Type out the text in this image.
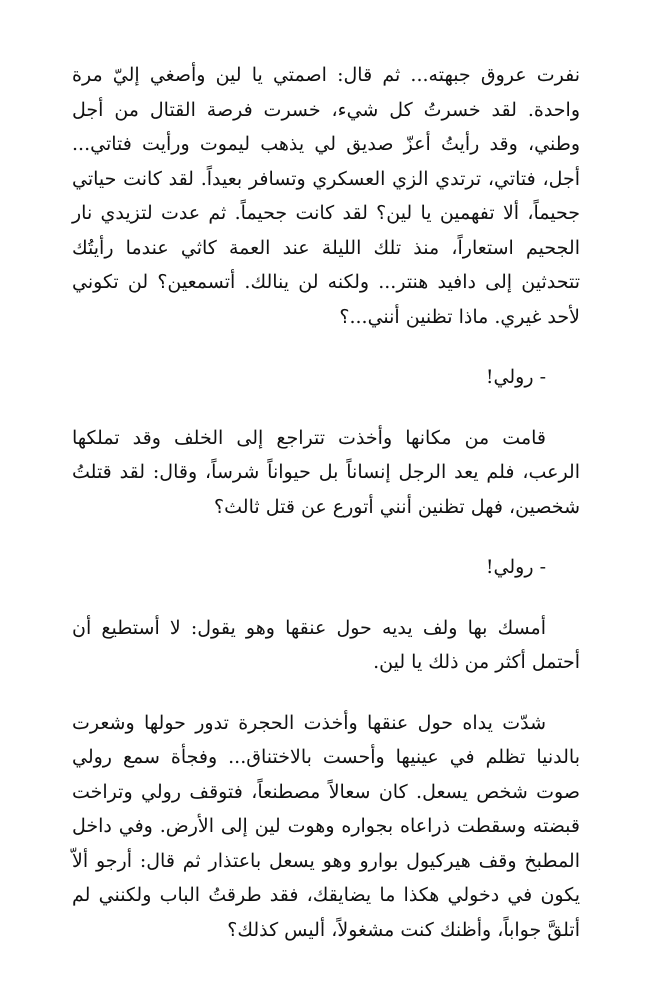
نفرت عروق جبهته... ثم قال: اصمتي يا لين وأصغي إليّ مرة واحدة. لقد خسرتُ كل شيء، خسرت فرصة القتال من أجل وطني، وقد رأيتُ أعزّ صديق لي يذهب ليموت ورأيت فتاتي... أجل، فتاتي، ترتدي الزي العسكري وتسافر بعيداً. لقد كانت حياتي جحيماً، ألا تفهمين يا لين؟ لقد كانت جحيماً. ثم عدت لتزيدي نار الجحيم استعاراً، منذ تلك الليلة عند العمة كاثي عندما رأيتُك تتحدثين إلى دافيد هنتر... ولكنه لن ينالك. أتسمعين؟ لن تكوني لأحد غيري. ماذا تظنين أنني...؟

- رولي!

قامت من مكانها وأخذت تتراجع إلى الخلف وقد تملكها الرعب، فلم يعد الرجل إنساناً بل حيواناً شرساً، وقال: لقد قتلتُ شخصين، فهل تظنين أنني أتورع عن قتل ثالث؟

- رولي!

أمسك بها ولف يديه حول عنقها وهو يقول: لا أستطيع أن أحتمل أكثر من ذلك يا لين.

شدّت يداه حول عنقها وأخذت الحجرة تدور حولها وشعرت بالدنيا تظلم في عينيها وأحست بالاختناق... وفجأة سمع رولي صوت شخص يسعل. كان سعالاً مصطنعاً، فتوقف رولي وتراخت قبضته وسقطت ذراعاه بجواره وهوت لين إلى الأرض. وفي داخل المطبخ وقف هيركيول بوارو وهو يسعل باعتذار ثم قال: أرجو ألاّ يكون في دخولي هكذا ما يضايقك، فقد طرقتُ الباب ولكنني لم أتلقَّ جواباً، وأظنك كنت مشغولاً، أليس كذلك؟
